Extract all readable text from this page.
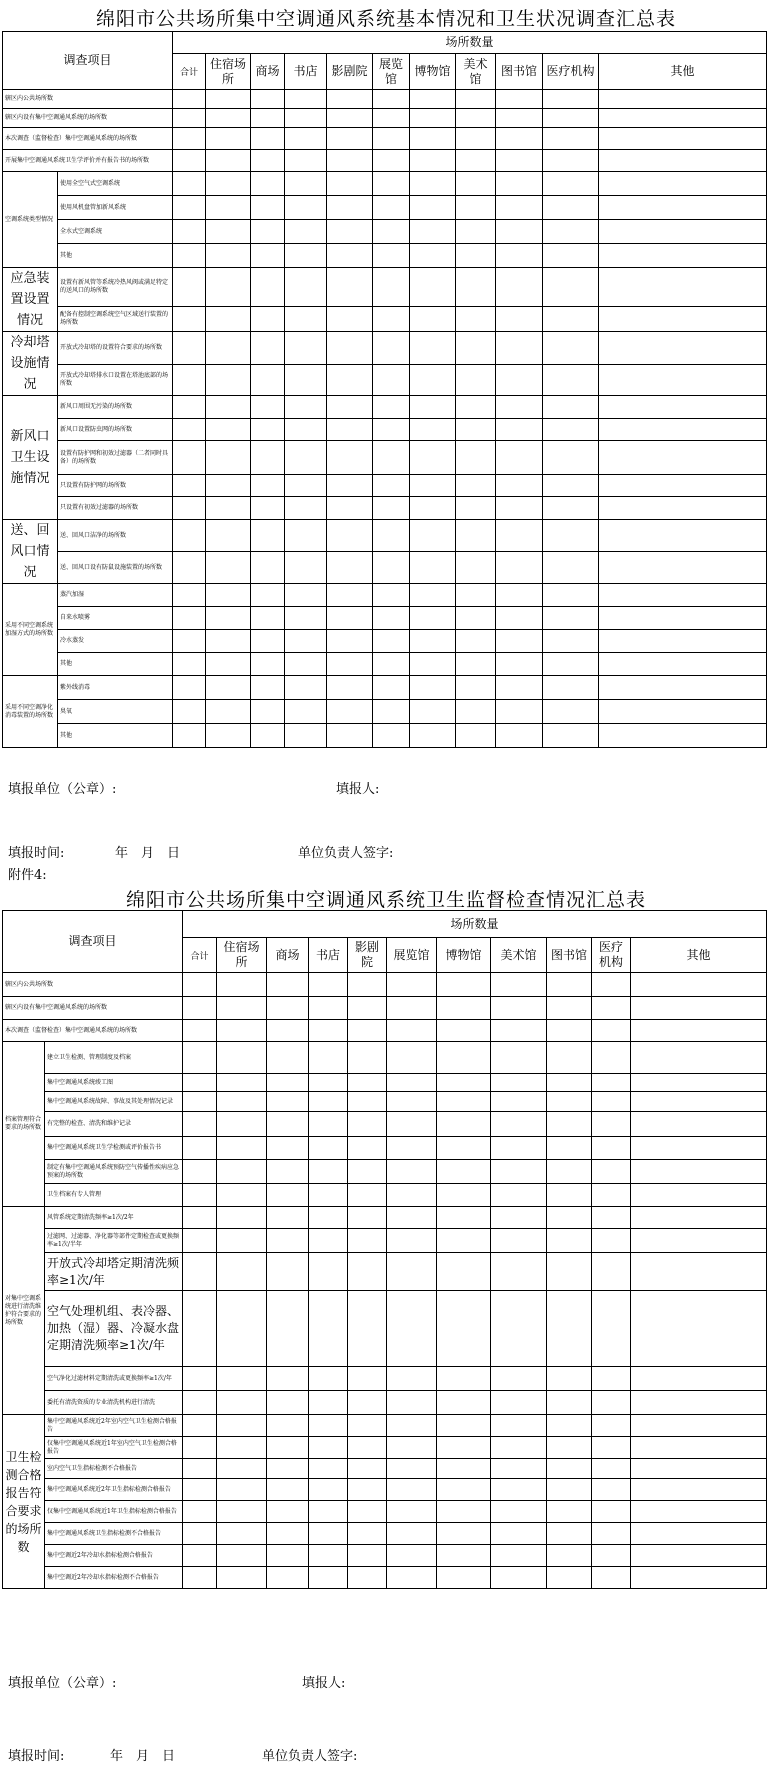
绵阳市公共场所集中空调通风系统基本情况和卫生状况调查汇总表
调查项目		场所数量										
		合计	住宿场所	商场	书店	影剧院	展览馆	博物馆	美术馆	图书馆	医疗机构	其他
辖区内公共场所数												
辖区内设有集中空调通风系统的场所数												
本次调查（监督检查）集中空调通风系统的场所数												
开展集中空调通风系统卫生学评价并有报告书的场所数												
空调系统类型情况	使用全空气式空调系统											
	使用风机盘管加新风系统											
	全水式空调系统											
	其他											
应急装置设置情况	设置有新风管等系统冷热风阀或满足特定的送风口的场所数											
	配备有控制空调系统空气区域送行装置的场所数											
冷却塔设施情况	开放式冷却塔的设置符合要求的场所数											
	开放式冷却塔排水口设置在塔池底部的场所数											
新风口卫生设施情况	新风口周围无污染的场所数											
	新风口设置防虫网的场所数											
	设置有防护网和初效过滤器（二者同时具备）的场所数											
	只设置有防护网的场所数											
	只设置有初效过滤器的场所数											
送、回风口情况	送、回风口洁净的场所数											
	送、回风口设有防鼠设施装置的场所数											
采用不同空调系统加湿方式的场所数	蒸汽加湿											
	自来水喷雾											
	冷水蒸发											
	其他											
采用不同空调净化消毒装置的场所数	紫外线消毒											
	臭氧											
	其他											
填报单位（公章）:	填报人:
填报时间:	年　月　日	单位负责人签字:
附件4:
绵阳市公共场所集中空调通风系统卫生监督检查情况汇总表
调查项目		场所数量										
		合计	住宿场所	商场	书店	影剧院	展览馆	博物馆	美术馆	图书馆	医疗机构	其他
辖区内公共场所数												
辖区内设有集中空调通风系统的场所数												
本次调查（监督检查）集中空调通风系统的场所数												
档案管理符合要求的场所数	建立卫生检测、管理制度及档案											
	集中空调通风系统竣工图											
	集中空调通风系统故障、事故及其处理情况记录											
	有完整的检查、清洗和维护记录											
	集中空调通风系统卫生学检测或评价报告书											
	制定有集中空调通风系统预防空气传播性疾病应急预案的场所数											
	卫生档案有专人管理											
对集中空调系统进行清洗维护符合要求的场所数	风管系统定期清洗频率≥1次/2年											
	过滤网、过滤器、净化器等部件定期检查或更换频率≥1次/半年											
	开放式冷却塔定期清洗频率≥1次/年											
	空气处理机组、表冷器、加热（湿）器、冷凝水盘定期清洗频率≥1次/年											
	空气净化过滤材料定期清洗或更换频率≥1次/年											
	委托有清洗资质的专业清洗机构进行清洗											
卫生检测合格报告符合要求的场所数	集中空调通风系统近2年室内空气卫生检测合格报告											
	仅集中空调通风系统近1年室内空气卫生检测合格报告											
	室内空气卫生指标检测不合格报告											
	集中空调通风系统近2年卫生指标检测合格报告											
	仅集中空调通风系统近1年卫生指标检测合格报告											
	集中空调通风系统卫生指标检测不合格报告											
	集中空调近2年冷却水指标检测合格报告											
	集中空调近2年冷却水指标检测不合格报告											
填报单位（公章）:	填报人:
填报时间:	年　月　日	单位负责人签字:
